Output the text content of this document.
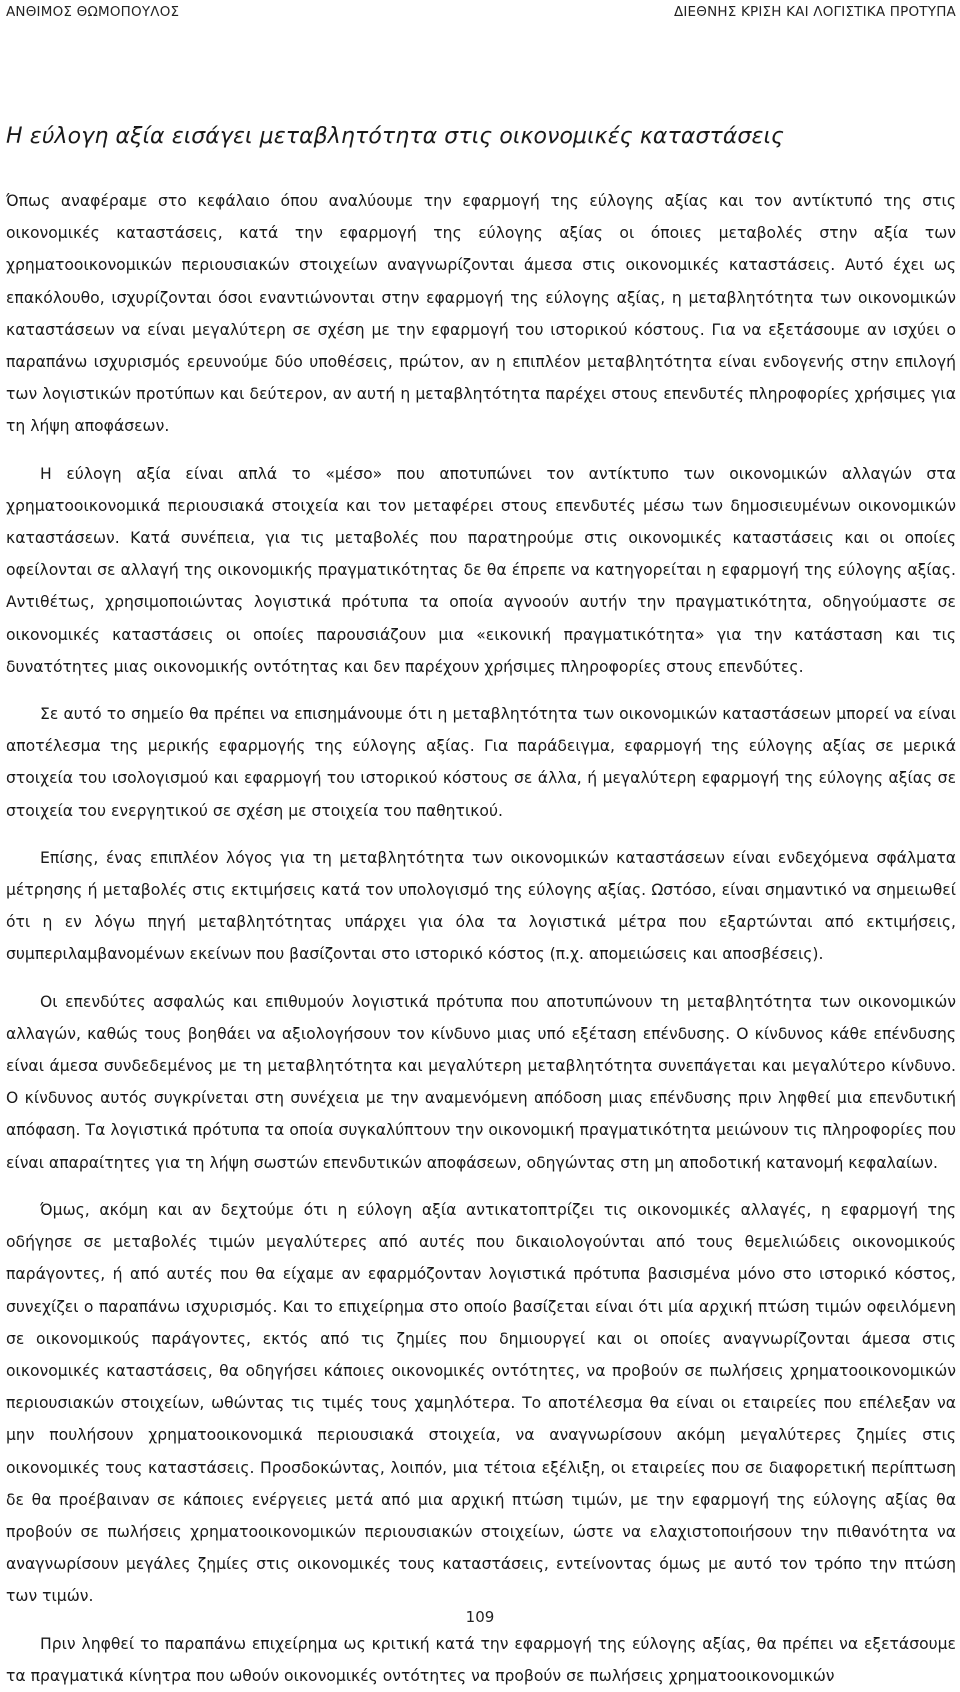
ΑΝΘΙΜΟΣ ΘΩΜΟΠΟΥΛΟΣ	ΔΙΕΘΝΗΣ ΚΡΙΣΗ ΚΑΙ ΛΟΓΙΣΤΙΚΑ ΠΡΟΤΥΠΑ
Η εύλογη αξία εισάγει μεταβλητότητα στις οικονομικές καταστάσεις

Όπως αναφέραμε στο κεφάλαιο όπου αναλύουμε την εφαρμογή της εύλογης αξίας και τον αντίκτυπό της στις οικονομικές καταστάσεις, κατά την εφαρμογή της εύλογης αξίας οι όποιες μεταβολές στην αξία των χρηματοοικονομικών περιουσιακών στοιχείων αναγνωρίζονται άμεσα στις οικονομικές καταστάσεις. Αυτό έχει ως επακόλουθο, ισχυρίζονται όσοι εναντιώνονται στην εφαρμογή της εύλογης αξίας, η μεταβλητότητα των οικονομικών καταστάσεων να είναι μεγαλύτερη σε σχέση με την εφαρμογή του ιστορικού κόστους. Για να εξετάσουμε αν ισχύει ο παραπάνω ισχυρισμός ερευνούμε δύο υποθέσεις, πρώτον, αν η επιπλέον μεταβλητότητα είναι ενδογενής στην επιλογή των λογιστικών προτύπων και δεύτερον, αν αυτή η μεταβλητότητα παρέχει στους επενδυτές πληροφορίες χρήσιμες για τη λήψη αποφάσεων.

Η εύλογη αξία είναι απλά το «μέσο» που αποτυπώνει τον αντίκτυπο των οικονομικών αλλαγών στα χρηματοοικονομικά περιουσιακά στοιχεία και τον μεταφέρει στους επενδυτές μέσω των δημοσιευμένων οικονομικών καταστάσεων. Κατά συνέπεια, για τις μεταβολές που παρατηρούμε στις οικονομικές καταστάσεις και οι οποίες οφείλονται σε αλλαγή της οικονομικής πραγματικότητας δε θα έπρεπε να κατηγορείται η εφαρμογή της εύλογης αξίας. Αντιθέτως, χρησιμοποιώντας λογιστικά πρότυπα τα οποία αγνοούν αυτήν την πραγματικότητα, οδηγούμαστε σε οικονομικές καταστάσεις οι οποίες παρουσιάζουν μια «εικονική πραγματικότητα» για την κατάσταση και τις δυνατότητες μιας οικονομικής οντότητας και δεν παρέχουν χρήσιμες πληροφορίες στους επενδύτες.

Σε αυτό το σημείο θα πρέπει να επισημάνουμε ότι η μεταβλητότητα των οικονομικών καταστάσεων μπορεί να είναι αποτέλεσμα της μερικής εφαρμογής της εύλογης αξίας. Για παράδειγμα, εφαρμογή της εύλογης αξίας σε μερικά στοιχεία του ισολογισμού και εφαρμογή του ιστορικού κόστους σε άλλα, ή μεγαλύτερη εφαρμογή της εύλογης αξίας σε στοιχεία του ενεργητικού σε σχέση με στοιχεία του παθητικού.

Επίσης, ένας επιπλέον λόγος για τη μεταβλητότητα των οικονομικών καταστάσεων είναι ενδεχόμενα σφάλματα μέτρησης ή μεταβολές στις εκτιμήσεις κατά τον υπολογισμό της εύλογης αξίας. Ωστόσο, είναι σημαντικό να σημειωθεί ότι η εν λόγω πηγή μεταβλητότητας υπάρχει για όλα τα λογιστικά μέτρα που εξαρτώνται από εκτιμήσεις, συμπεριλαμβανομένων εκείνων που βασίζονται στο ιστορικό κόστος (π.χ. απομειώσεις και αποσβέσεις).

Οι επενδύτες ασφαλώς και επιθυμούν λογιστικά πρότυπα που αποτυπώνουν τη μεταβλητότητα των οικονομικών αλλαγών, καθώς τους βοηθάει να αξιολογήσουν τον κίνδυνο μιας υπό εξέταση επένδυσης. Ο κίνδυνος κάθε επένδυσης είναι άμεσα συνδεδεμένος με τη μεταβλητότητα και μεγαλύτερη μεταβλητότητα συνεπάγεται και μεγαλύτερο κίνδυνο. Ο κίνδυνος αυτός συγκρίνεται στη συνέχεια με την αναμενόμενη απόδοση μιας επένδυσης πριν ληφθεί μια επενδυτική απόφαση. Τα λογιστικά πρότυπα τα οποία συγκαλύπτουν την οικονομική πραγματικότητα μειώνουν τις πληροφορίες που είναι απαραίτητες για τη λήψη σωστών επενδυτικών αποφάσεων, οδηγώντας στη μη αποδοτική κατανομή κεφαλαίων.

Όμως, ακόμη και αν δεχτούμε ότι η εύλογη αξία αντικατοπτρίζει τις οικονομικές αλλαγές, η εφαρμογή της οδήγησε σε μεταβολές τιμών μεγαλύτερες από αυτές που δικαιολογούνται από τους θεμελιώδεις οικονομικούς παράγοντες, ή από αυτές που θα είχαμε αν εφαρμόζονταν λογιστικά πρότυπα βασισμένα μόνο στο ιστορικό κόστος, συνεχίζει ο παραπάνω ισχυρισμός. Και το επιχείρημα στο οποίο βασίζεται είναι ότι μία αρχική πτώση τιμών οφειλόμενη σε οικονομικούς παράγοντες, εκτός από τις ζημίες που δημιουργεί και οι οποίες αναγνωρίζονται άμεσα στις οικονομικές καταστάσεις, θα οδηγήσει κάποιες οικονομικές οντότητες, να προβούν σε πωλήσεις χρηματοοικονομικών περιουσιακών στοιχείων, ωθώντας τις τιμές τους χαμηλότερα. Το αποτέλεσμα θα είναι οι εταιρείες που επέλεξαν να μην πουλήσουν χρηματοοικονομικά περιουσιακά στοιχεία, να αναγνωρίσουν ακόμη μεγαλύτερες ζημίες στις οικονομικές τους καταστάσεις. Προσδοκώντας, λοιπόν, μια τέτοια εξέλιξη, οι εταιρείες που σε διαφορετική περίπτωση δε θα προέβαιναν σε κάποιες ενέργειες μετά από μια αρχική πτώση τιμών, με την εφαρμογή της εύλογης αξίας θα προβούν σε πωλήσεις χρηματοοικονομικών περιουσιακών στοιχείων, ώστε να ελαχιστοποιήσουν την πιθανότητα να αναγνωρίσουν μεγάλες ζημίες στις οικονομικές τους καταστάσεις, εντείνοντας όμως με αυτό τον τρόπο την πτώση των τιμών.

Πριν ληφθεί το παραπάνω επιχείρημα ως κριτική κατά την εφαρμογή της εύλογης αξίας, θα πρέπει να εξετάσουμε τα πραγματικά κίνητρα που ωθούν οικονομικές οντότητες να προβούν σε πωλήσεις χρηματοοικονομικών

109
